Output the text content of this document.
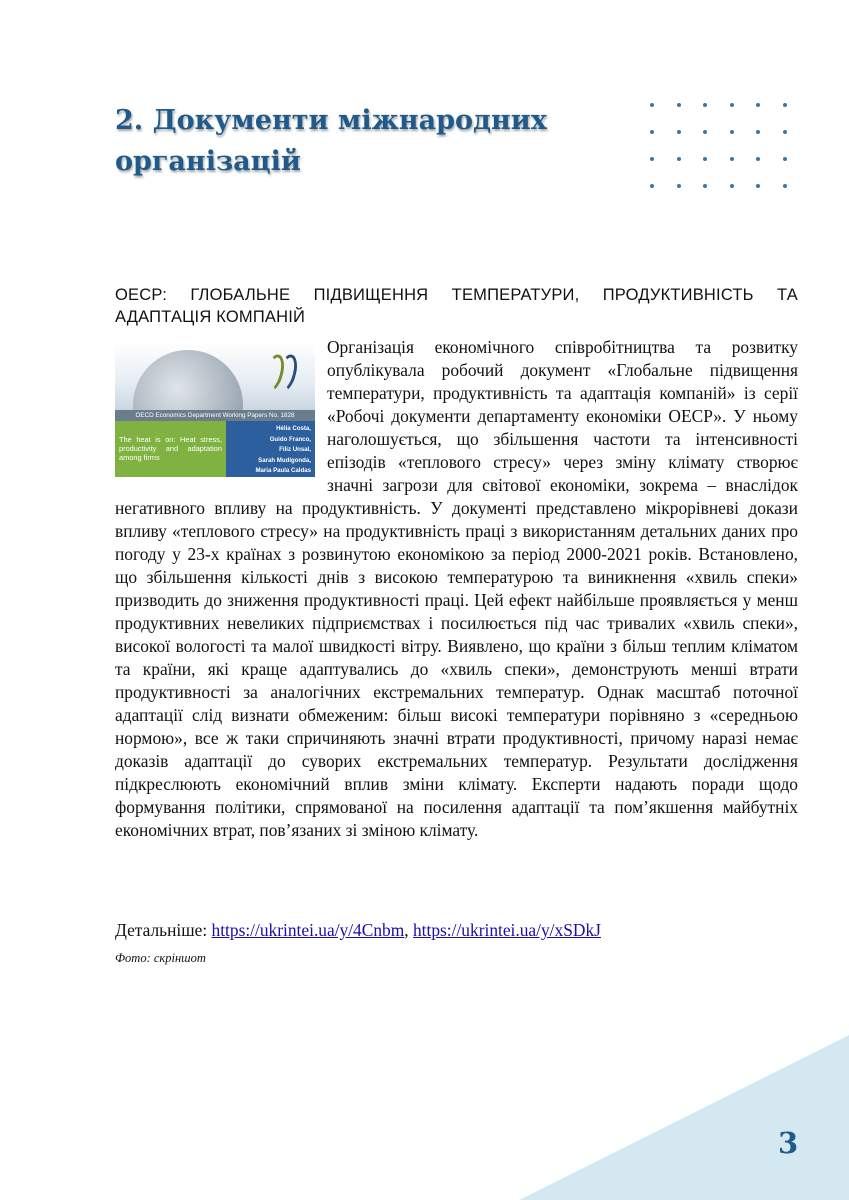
2. Документи міжнародних організацій
ОЕСР: ГЛОБАЛЬНЕ ПІДВИЩЕННЯ ТЕМПЕРАТУРИ, ПРОДУКТИВНІСТЬ ТА АДАПТАЦІЯ КОМПАНІЙ
OECD Economics Department Working Papers No. 1828
The heat is on: Heat stress, productivity and adaptation among firms
Hélia Costa,
Guido Franco,
Filiz Unsal,
Sarah Mudigonda,
Maria Paula Caldas
Організація економічного співробітництва та розвитку опублікувала робочий документ «Глобальне підвищення температури, продуктивність та адаптація компаній» із серії «Робочі документи департаменту економіки ОЕСР». У ньому наголошується, що збільшення частоти та інтенсивності епізодів «теплового стресу» через зміну клімату створює значні загрози для світової економіки, зокрема – внаслідок негативного впливу на продуктивність. У документі представлено мікрорівневі докази впливу «теплового стресу» на продуктивність праці з використанням детальних даних про погоду у 23-х країнах з розвинутою економікою за період 2000-2021 років. Встановлено, що збільшення кількості днів з високою температурою та виникнення «хвиль спеки» призводить до зниження продуктивності праці. Цей ефект найбільше проявляється у менш продуктивних невеликих підприємствах і посилюється під час тривалих «хвиль спеки», високої вологості та малої швидкості вітру. Виявлено, що країни з більш теплим кліматом та країни, які краще адаптувались до «хвиль спеки», демонструють менші втрати продуктивності за аналогічних екстремальних температур. Однак масштаб поточної адаптації слід визнати обмеженим: більш високі температури порівняно з «середньою нормою», все ж таки спричиняють значні втрати продуктивності, причому наразі немає доказів адаптації до суворих екстремальних температур. Результати дослідження підкреслюють економічний вплив зміни клімату. Експерти надають поради щодо формування політики, спрямованої на посилення адаптації та пом’якшення майбутніх економічних втрат, пов’язаних зі зміною клімату.
Детальніше: https://ukrintei.ua/y/4Cnbm, https://ukrintei.ua/y/xSDkJ
Фото: скріншот
3
